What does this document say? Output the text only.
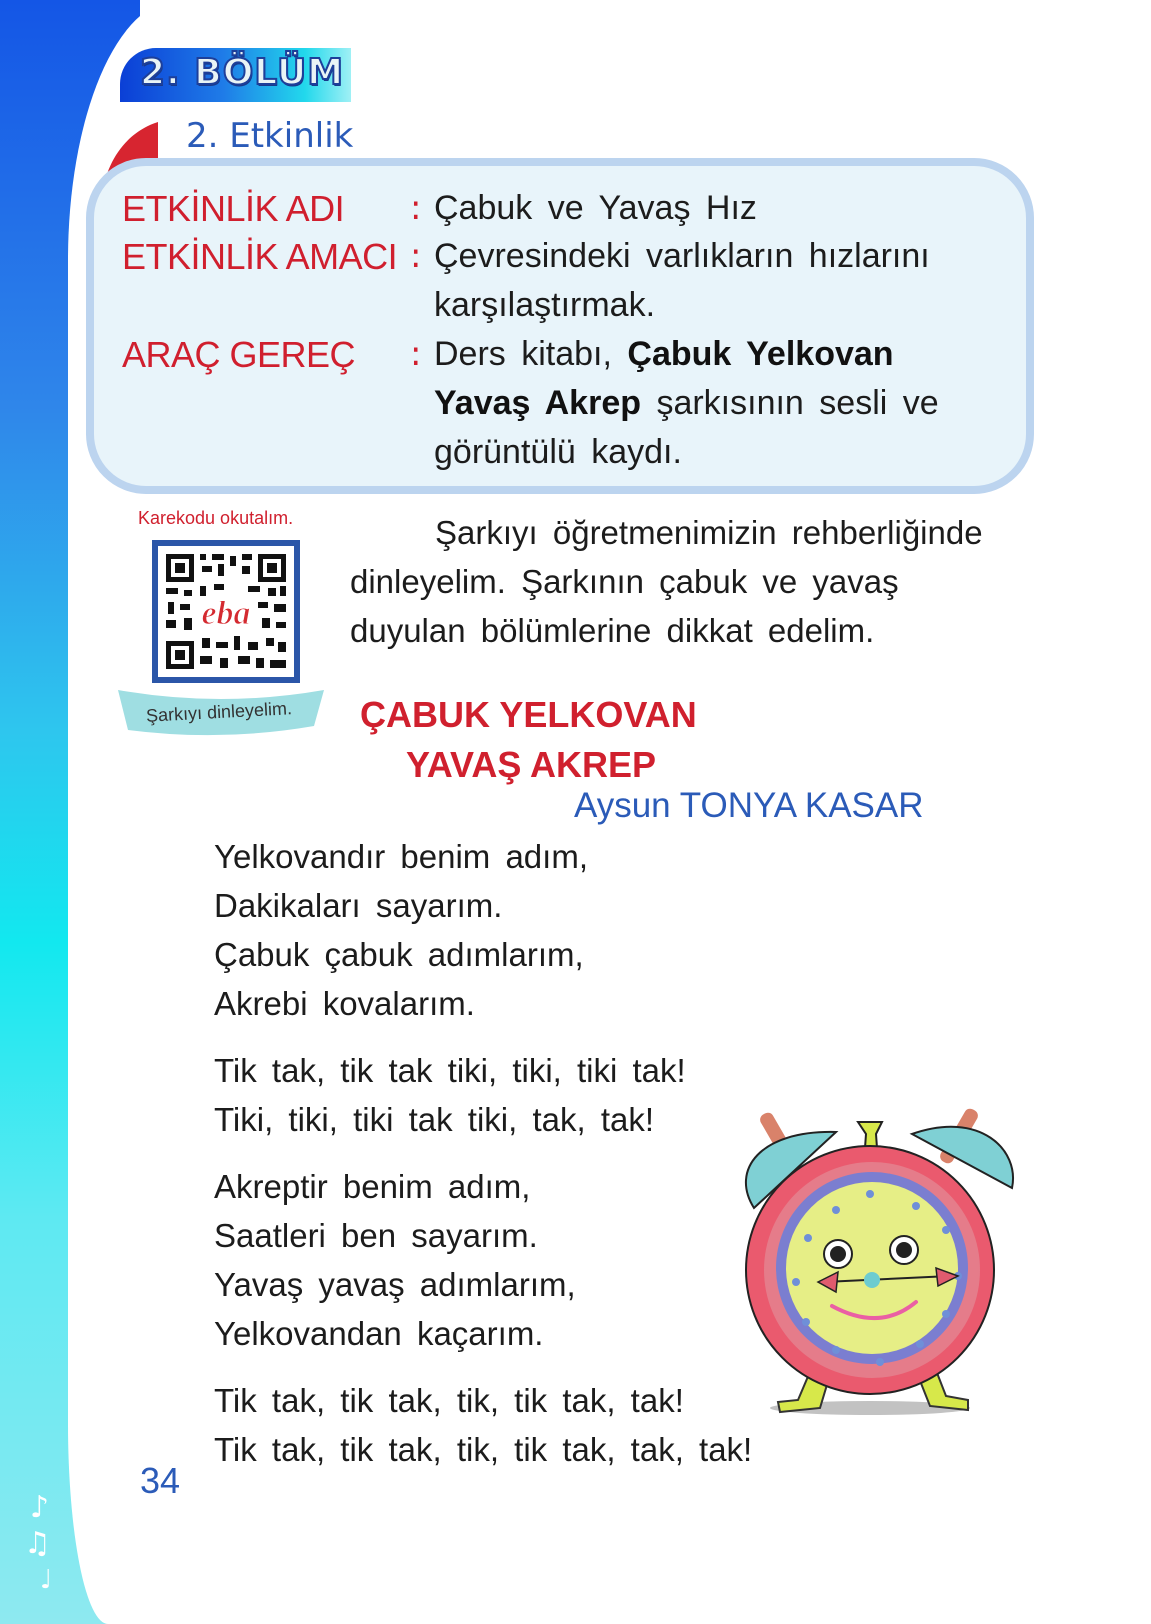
♪
♫
♩
2. BÖLÜM
2. Etkinlik
ETKİNLİK ADI : Çabuk ve Yavaş Hız
ETKİNLİK AMACI : Çevresindeki varlıkların hızlarını karşılaştırmak.
ARAÇ GEREÇ : Ders kitabı, Çabuk Yelkovan Yavaş Akrep şarkısının sesli ve görüntülü kaydı.
Karekodu okutalım.
eba
Şarkıyı dinleyelim.
Şarkıyı öğretmenimizin rehberliğinde dinleyelim. Şarkının çabuk ve yavaş duyulan bölümlerine dikkat edelim.
ÇABUK YELKOVAN
YAVAŞ AKREP
Aysun TONYA KASAR
Yelkovandır benim adım,
Dakikaları sayarım.
Çabuk çabuk adımlarım,
Akrebi kovalarım.
Tik tak, tik tak tiki, tiki, tiki tak!
Tiki, tiki, tiki tak tiki, tak, tak!
Akreptir benim adım,
Saatleri ben sayarım.
Yavaş yavaş adımlarım,
Yelkovandan kaçarım.
Tik tak, tik tak, tik, tik tak, tak!
Tik tak, tik tak, tik, tik tak, tak, tak!
34
